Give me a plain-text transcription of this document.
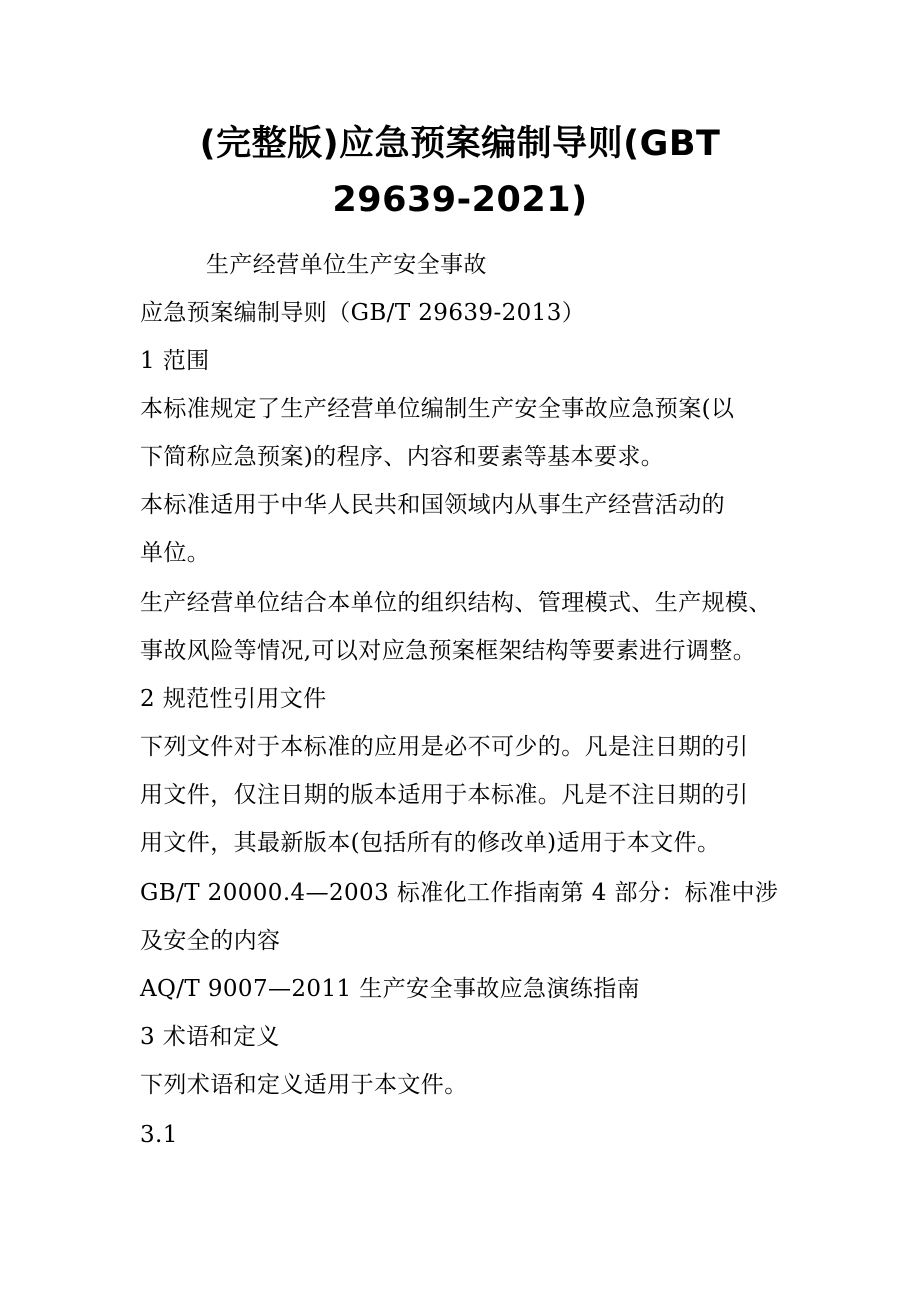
(完整版)应急预案编制导则(GBT
29639-2021)
生产经营单位生产安全事故
应急预案编制导则（GB/T 29639-2013）
1 范围
本标准规定了生产经营单位编制生产安全事故应急预案(以
下简称应急预案)的程序、内容和要素等基本要求。
本标准适用于中华人民共和国领域内从事生产经营活动的
单位。
生产经营单位结合本单位的组织结构、管理模式、生产规模、
事故风险等情况,可以对应急预案框架结构等要素进行调整。
2 规范性引用文件
下列文件对于本标准的应用是必不可少的。凡是注日期的引
用文件，仅注日期的版本适用于本标准。凡是不注日期的引
用文件，其最新版本(包括所有的修改单)适用于本文件。
GB/T 20000.4—2003 标准化工作指南第 4 部分：标准中涉
及安全的内容
AQ/T 9007—2011 生产安全事故应急演练指南
3 术语和定义
下列术语和定义适用于本文件。
3.1
